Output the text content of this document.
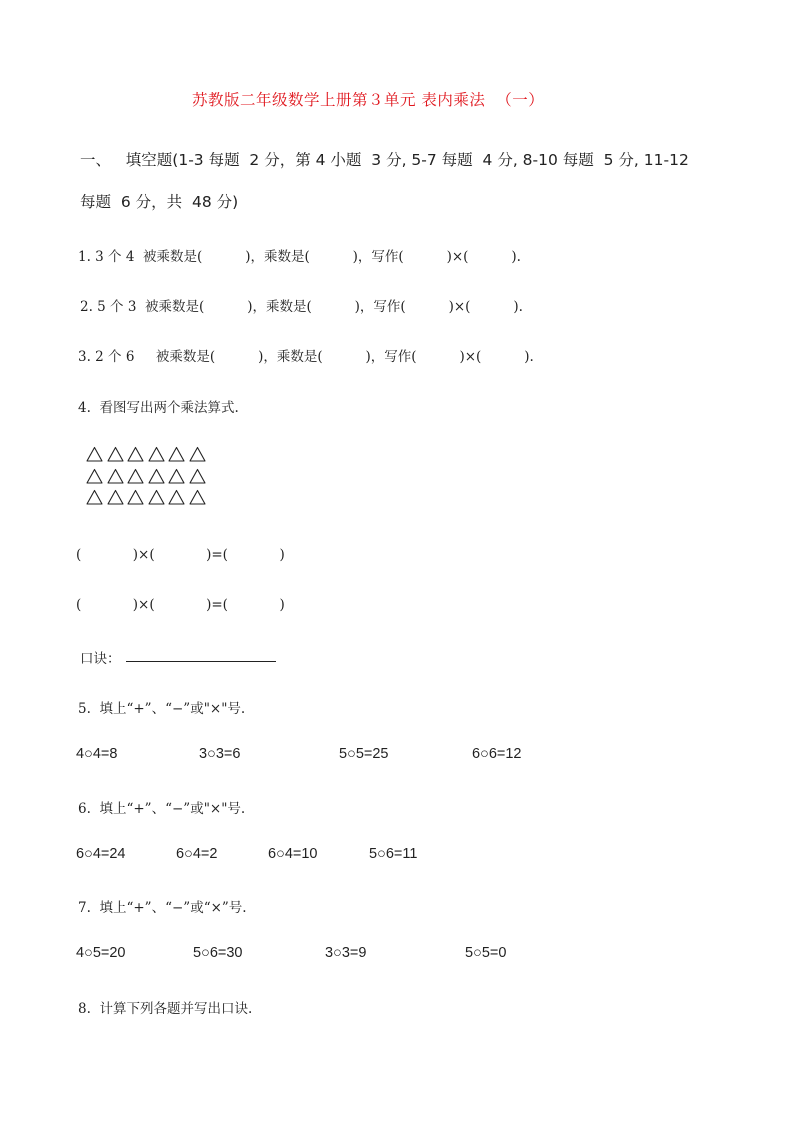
苏教版二年级数学上册第３单元 表内乘法  （一）
一、   填空题(1-3 每题  2 分，第 4 小题  3 分, 5-7 每题  4 分, 8-10 每题  5 分, 11-12
每题  6 分，共  48 分)
1. 3 个 4  被乘数是(          )，乘数是(          )，写作(          )×(          ).
2. 5 个 3  被乘数是(          )，乘数是(          )，写作(          )×(          ).
3. 2 个 6     被乘数是(          )，乘数是(          )，写作(          )×(          ).
4.  看图写出两个乘法算式.
(            )×(            )=(            )
(            )×(            )=(            )
口诀：
5.  填上“+”、“−”或"×"号.
4○4=8	3○3=6	5○5=25	6○6=12
6.  填上“+”、“−”或"×"号.
6○4=24	6○4=2	6○4=10	5○6=11
7.  填上“+”、“−”或“×”号.
4○5=20	5○6=30	3○3=9	5○5=0
8.  计算下列各题并写出口诀.
